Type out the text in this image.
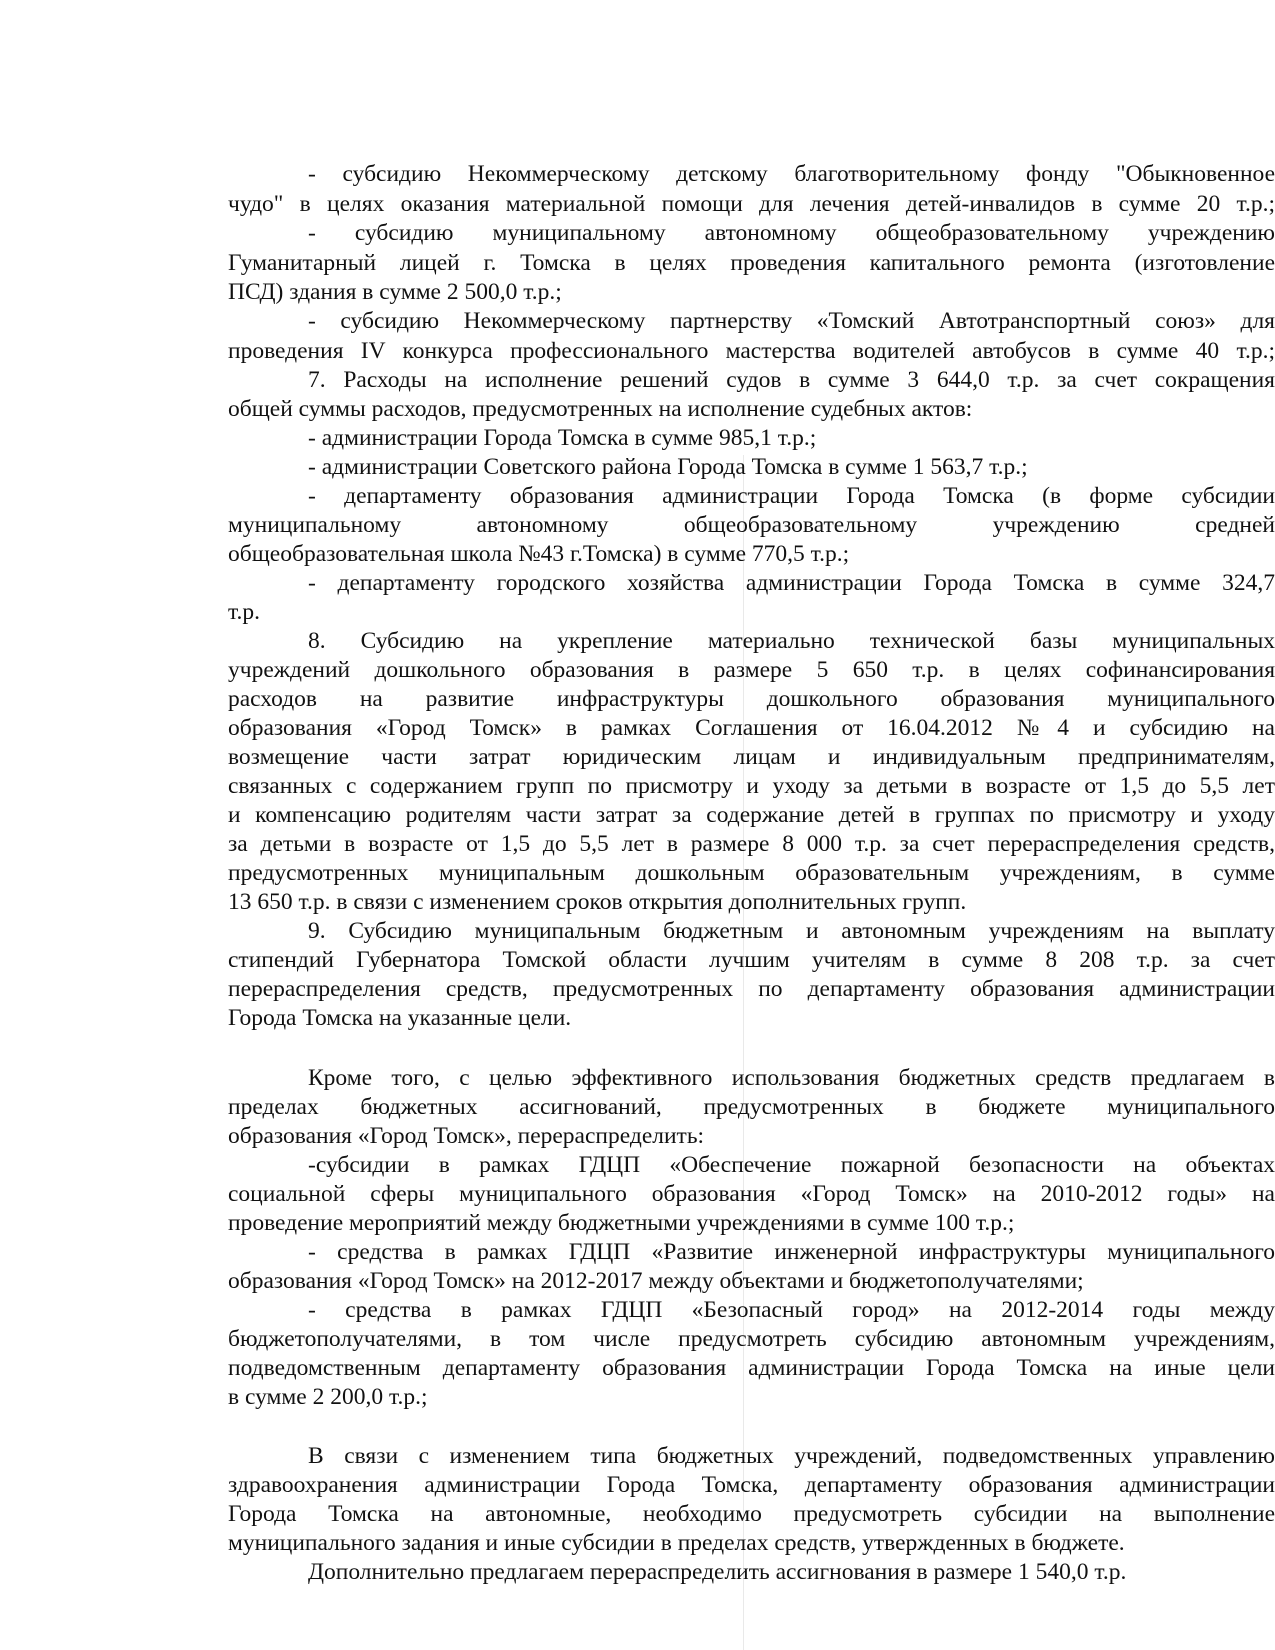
- субсидию Некоммерческому детскому благотворительному фонду "Обыкновенное
чудо" в целях оказания материальной помощи для лечения детей-инвалидов в сумме 20 т.р.;
- субсидию муниципальному автономному общеобразовательному учреждению
Гуманитарный лицей г. Томска в целях проведения капитального ремонта (изготовление
ПСД) здания в сумме 2 500,0 т.р.;
- субсидию Некоммерческому партнерству «Томский Автотранспортный союз» для
проведения IV конкурса профессионального мастерства водителей автобусов в сумме 40 т.р.;
7. Расходы на исполнение решений судов в сумме 3 644,0 т.р. за счет сокращения
общей суммы расходов, предусмотренных на исполнение судебных актов:
- администрации Города Томска в сумме 985,1 т.р.;
- администрации Советского района Города Томска в сумме 1 563,7 т.р.;
- департаменту образования администрации Города Томска (в форме субсидии
муниципальному автономному общеобразовательному учреждению средней
общеобразовательная школа №43 г.Томска) в сумме 770,5 т.р.;
- департаменту городского хозяйства администрации Города Томска в сумме 324,7
т.р.
8. Субсидию на укрепление материально технической базы муниципальных
учреждений дошкольного образования в размере 5 650 т.р. в целях софинансирования
расходов на развитие инфраструктуры дошкольного образования муниципального
образования «Город Томск» в рамках Соглашения от 16.04.2012 №4 и субсидию на
возмещение части затрат юридическим лицам и индивидуальным предпринимателям,
связанных с содержанием групп по присмотру и уходу за детьми в возрасте от 1,5 до 5,5 лет
и компенсацию родителям части затрат за содержание детей в группах по присмотру и уходу
за детьми в возрасте от 1,5 до 5,5 лет в размере 8 000 т.р. за счет перераспределения средств,
предусмотренных муниципальным дошкольным образовательным учреждениям, в сумме
13 650 т.р. в связи с изменением сроков открытия дополнительных групп.
9. Субсидию муниципальным бюджетным и автономным учреждениям на выплату
стипендий Губернатора Томской области лучшим учителям в сумме 8 208 т.р. за счет
перераспределения средств, предусмотренных по департаменту образования администрации
Города Томска на указанные цели.
Кроме того, с целью эффективного использования бюджетных средств предлагаем в
пределах бюджетных ассигнований, предусмотренных в бюджете муниципального
образования «Город Томск», перераспределить:
-субсидии в рамках ГДЦП «Обеспечение пожарной безопасности на объектах
социальной сферы муниципального образования «Город Томск» на 2010-2012 годы» на
проведение мероприятий между бюджетными учреждениями в сумме 100 т.р.;
- средства в рамках ГДЦП «Развитие инженерной инфраструктуры муниципального
образования «Город Томск» на 2012-2017 между объектами и бюджетополучателями;
- средства в рамках ГДЦП «Безопасный город» на 2012-2014 годы между
бюджетополучателями, в том числе предусмотреть субсидию автономным учреждениям,
подведомственным департаменту образования администрации Города Томска на иные цели
в сумме 2 200,0 т.р.;
В связи с изменением типа бюджетных учреждений, подведомственных управлению
здравоохранения администрации Города Томска, департаменту образования администрации
Города Томска на автономные, необходимо предусмотреть субсидии на выполнение
муниципального задания и иные субсидии в пределах средств, утвержденных в бюджете.
Дополнительно предлагаем перераспределить ассигнования в размере 1 540,0 т.р.
